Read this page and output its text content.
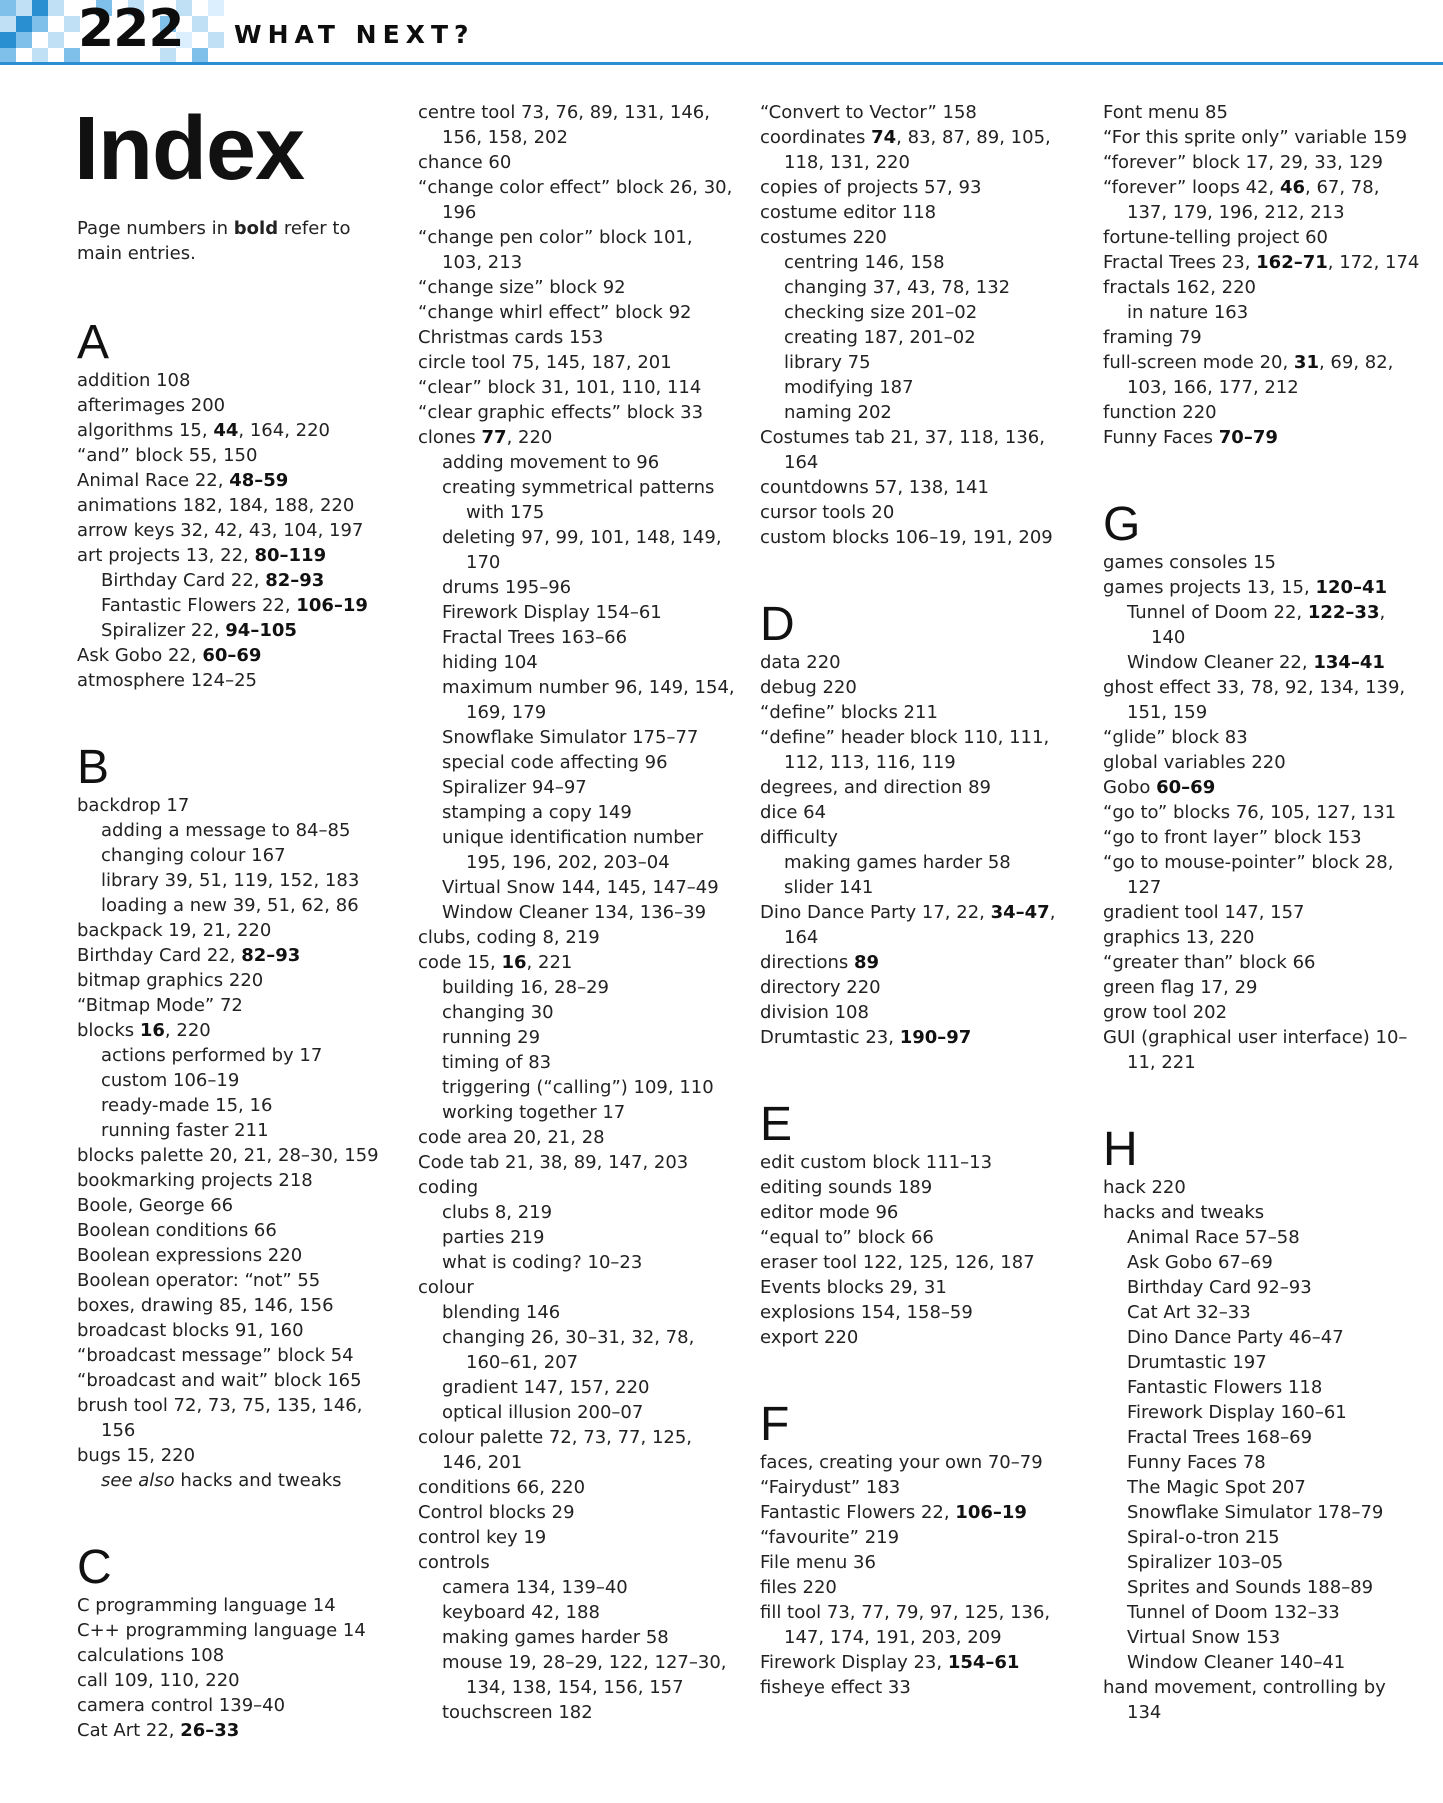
222 WHAT NEXT?
Index
Page numbers in bold refer to main entries.
A
addition 108
afterimages 200
algorithms 15, 44, 164, 220
“and” block 55, 150
Animal Race 22, 48–59
animations 182, 184, 188, 220
arrow keys 32, 42, 43, 104, 197
art projects 13, 22, 80–119
Birthday Card 22, 82–93
Fantastic Flowers 22, 106–19
Spiralizer 22, 94–105
Ask Gobo 22, 60–69
atmosphere 124–25
B
backdrop 17
adding a message to 84–85
changing colour 167
library 39, 51, 119, 152, 183
loading a new 39, 51, 62, 86
backpack 19, 21, 220
Birthday Card 22, 82–93
bitmap graphics 220
“Bitmap Mode” 72
blocks 16, 220
actions performed by 17
custom 106–19
ready-made 15, 16
running faster 211
blocks palette 20, 21, 28–30, 159
bookmarking projects 218
Boole, George 66
Boolean conditions 66
Boolean expressions 220
Boolean operator: “not” 55
boxes, drawing 85, 146, 156
broadcast blocks 91, 160
“broadcast message” block 54
“broadcast and wait” block 165
brush tool 72, 73, 75, 135, 146, 156
bugs 15, 220
see also hacks and tweaks
C
C programming language 14
C++ programming language 14
calculations 108
call 109, 110, 220
camera control 139–40
Cat Art 22, 26–33
centre tool 73, 76, 89, 131, 146, 156, 158, 202
chance 60
“change color effect” block 26, 30, 196
“change pen color” block 101, 103, 213
“change size” block 92
“change whirl effect” block 92
Christmas cards 153
circle tool 75, 145, 187, 201
“clear” block 31, 101, 110, 114
“clear graphic effects” block 33
clones 77, 220
adding movement to 96
creating symmetrical patterns with 175
deleting 97, 99, 101, 148, 149, 170
drums 195–96
Firework Display 154–61
Fractal Trees 163–66
hiding 104
maximum number 96, 149, 154, 169, 179
Snowflake Simulator 175–77
special code affecting 96
Spiralizer 94–97
stamping a copy 149
unique identification number 195, 196, 202, 203–04
Virtual Snow 144, 145, 147–49
Window Cleaner 134, 136–39
clubs, coding 8, 219
code 15, 16, 221
building 16, 28–29
changing 30
running 29
timing of 83
triggering (“calling”) 109, 110
working together 17
code area 20, 21, 28
Code tab 21, 38, 89, 147, 203
coding
clubs 8, 219
parties 219
what is coding? 10–23
colour
blending 146
changing 26, 30–31, 32, 78, 160–61, 207
gradient 147, 157, 220
optical illusion 200–07
colour palette 72, 73, 77, 125, 146, 201
conditions 66, 220
Control blocks 29
control key 19
controls
camera 134, 139–40
keyboard 42, 188
making games harder 58
mouse 19, 28–29, 122, 127–30, 134, 138, 154, 156, 157
touchscreen 182
“Convert to Vector” 158
coordinates 74, 83, 87, 89, 105, 118, 131, 220
copies of projects 57, 93
costume editor 118
costumes 220
centring 146, 158
changing 37, 43, 78, 132
checking size 201–02
creating 187, 201–02
library 75
modifying 187
naming 202
Costumes tab 21, 37, 118, 136, 164
countdowns 57, 138, 141
cursor tools 20
custom blocks 106–19, 191, 209
D
data 220
debug 220
“define” blocks 211
“define” header block 110, 111, 112, 113, 116, 119
degrees, and direction 89
dice 64
difficulty
making games harder 58
slider 141
Dino Dance Party 17, 22, 34–47, 164
directions 89
directory 220
division 108
Drumtastic 23, 190–97
E
edit custom block 111–13
editing sounds 189
editor mode 96
“equal to” block 66
eraser tool 122, 125, 126, 187
Events blocks 29, 31
explosions 154, 158–59
export 220
F
faces, creating your own 70–79
“Fairydust” 183
Fantastic Flowers 22, 106–19
“favourite” 219
File menu 36
files 220
fill tool 73, 77, 79, 97, 125, 136, 147, 174, 191, 203, 209
Firework Display 23, 154–61
fisheye effect 33
Font menu 85
“For this sprite only” variable 159
“forever” block 17, 29, 33, 129
“forever” loops 42, 46, 67, 78, 137, 179, 196, 212, 213
fortune-telling project 60
Fractal Trees 23, 162–71, 172, 174
fractals 162, 220
in nature 163
framing 79
full-screen mode 20, 31, 69, 82, 103, 166, 177, 212
function 220
Funny Faces 70–79
G
games consoles 15
games projects 13, 15, 120–41
Tunnel of Doom 22, 122–33, 140
Window Cleaner 22, 134–41
ghost effect 33, 78, 92, 134, 139, 151, 159
“glide” block 83
global variables 220
Gobo 60–69
“go to” blocks 76, 105, 127, 131
“go to front layer” block 153
“go to mouse-pointer” block 28, 127
gradient tool 147, 157
graphics 13, 220
“greater than” block 66
green flag 17, 29
grow tool 202
GUI (graphical user interface) 10–11, 221
H
hack 220
hacks and tweaks
Animal Race 57–58
Ask Gobo 67–69
Birthday Card 92–93
Cat Art 32–33
Dino Dance Party 46–47
Drumtastic 197
Fantastic Flowers 118
Firework Display 160–61
Fractal Trees 168–69
Funny Faces 78
The Magic Spot 207
Snowflake Simulator 178–79
Spiral-o-tron 215
Spiralizer 103–05
Sprites and Sounds 188–89
Tunnel of Doom 132–33
Virtual Snow 153
Window Cleaner 140–41
hand movement, controlling by 134
